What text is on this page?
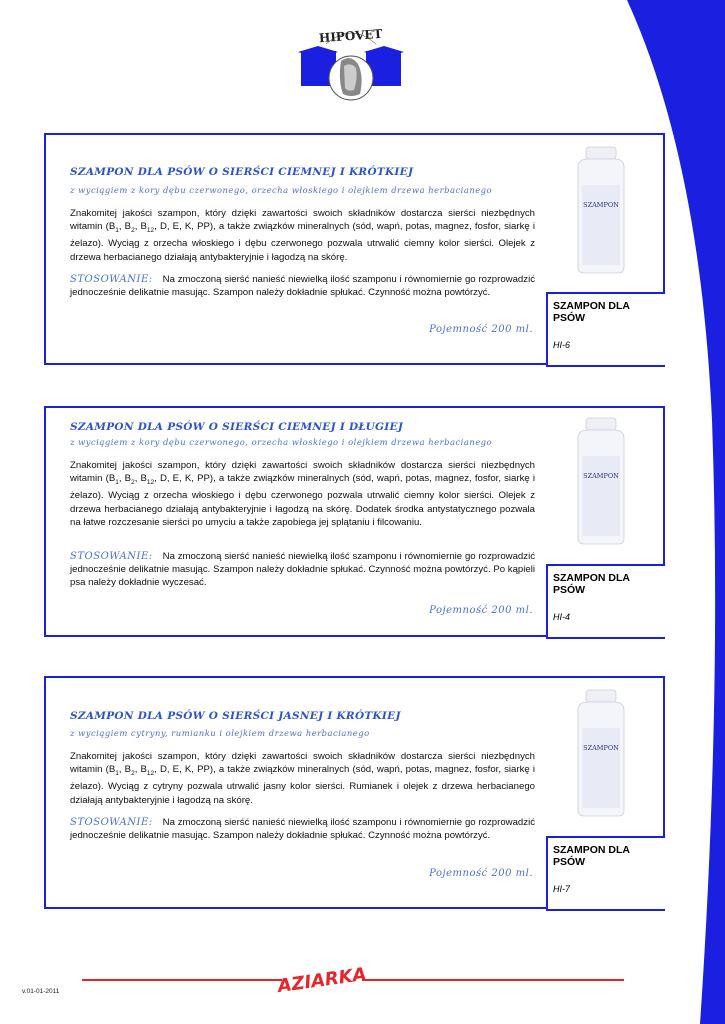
HIPOVET
SZAMPON DLA PSÓW O SIERŚCI CIEMNEJ I KRÓTKIEJ
z wyciągiem z kory dębu czerwonego, orzecha włoskiego i olejkiem drzewa herbacianego
Znakomitej jakości szampon, który dzięki zawartości swoich składników dostarcza sierści niezbędnych witamin ($B_1$, $B_2$, $B_{12}$, D, E, K, PP), a także związków mineralnych (sód, wapń, potas, magnez, fosfor, siarkę i żelazo). Wyciąg z orzecha włoskiego i dębu czerwonego pozwala utrwalić ciemny kolor sierści. Olejek z drzewa herbacianego działają antybakteryjnie i łagodzą na skórę.
STOSOWANIE: Na zmoczoną sierść nanieść niewielką ilość szamponu i równomiernie go rozprowadzić jednocześnie delikatnie masując. Szampon należy dokładnie spłukać. Czynność można powtórzyć.
Pojemność 200 ml.
SZAMPON
SZAMPON DLA PSÓW
HI-6
SZAMPON DLA PSÓW O SIERŚCI CIEMNEJ I DŁUGIEJ
z wyciągiem z kory dębu czerwonego, orzecha włoskiego i olejkiem drzewa herbacianego
Znakomitej jakości szampon, który dzięki zawartości swoich składników dostarcza sierści niezbędnych witamin ($B_1$, $B_2$, $B_{12}$, D, E, K, PP), a także związków mineralnych (sód, wapń, potas, magnez, fosfor, siarkę i żelazo). Wyciąg z orzecha włoskiego i dębu czerwonego pozwala utrwalić ciemny kolor sierści. Olejek z drzewa herbacianego działają antybakteryjnie i łagodzą na skórę. Dodatek środka antystatycznego pozwala na łatwe rozczesanie sierści po umyciu a także zapobiega jej splątaniu i filcowaniu.
STOSOWANIE: Na zmoczoną sierść nanieść niewielką ilość szamponu i równomiernie go rozprowadzić jednocześnie delikatnie masując. Szampon należy dokładnie spłukać. Czynność można powtórzyć. Po kąpieli psa należy dokładnie wyczesać.
Pojemność 200 ml.
SZAMPON
SZAMPON DLA PSÓW
HI-4
SZAMPON DLA PSÓW O SIERŚCI JASNEJ I KRÓTKIEJ
z wyciągiem cytryny, rumianku i olejkiem drzewa herbacianego
Znakomitej jakości szampon, który dzięki zawartości swoich składników dostarcza sierści niezbędnych witamin ($B_1$, $B_2$, $B_{12}$, D, E, K, PP), a także związków mineralnych (sód, wapń, potas, magnez, fosfor, siarkę i żelazo). Wyciąg z cytryny pozwala utrwalić jasny kolor sierści. Rumianek i olejek z drzewa herbacianego działają antybakteryjnie i łagodzą na skórę.
STOSOWANIE: Na zmoczoną sierść nanieść niewielką ilość szamponu i równomiernie go rozprowadzić jednocześnie delikatnie masując. Szampon należy dokładnie spłukać. Czynność można powtórzyć.
Pojemność 200 ml.
SZAMPON
SZAMPON DLA PSÓW
HI-7
v.01-01-2011	AZIARKA
